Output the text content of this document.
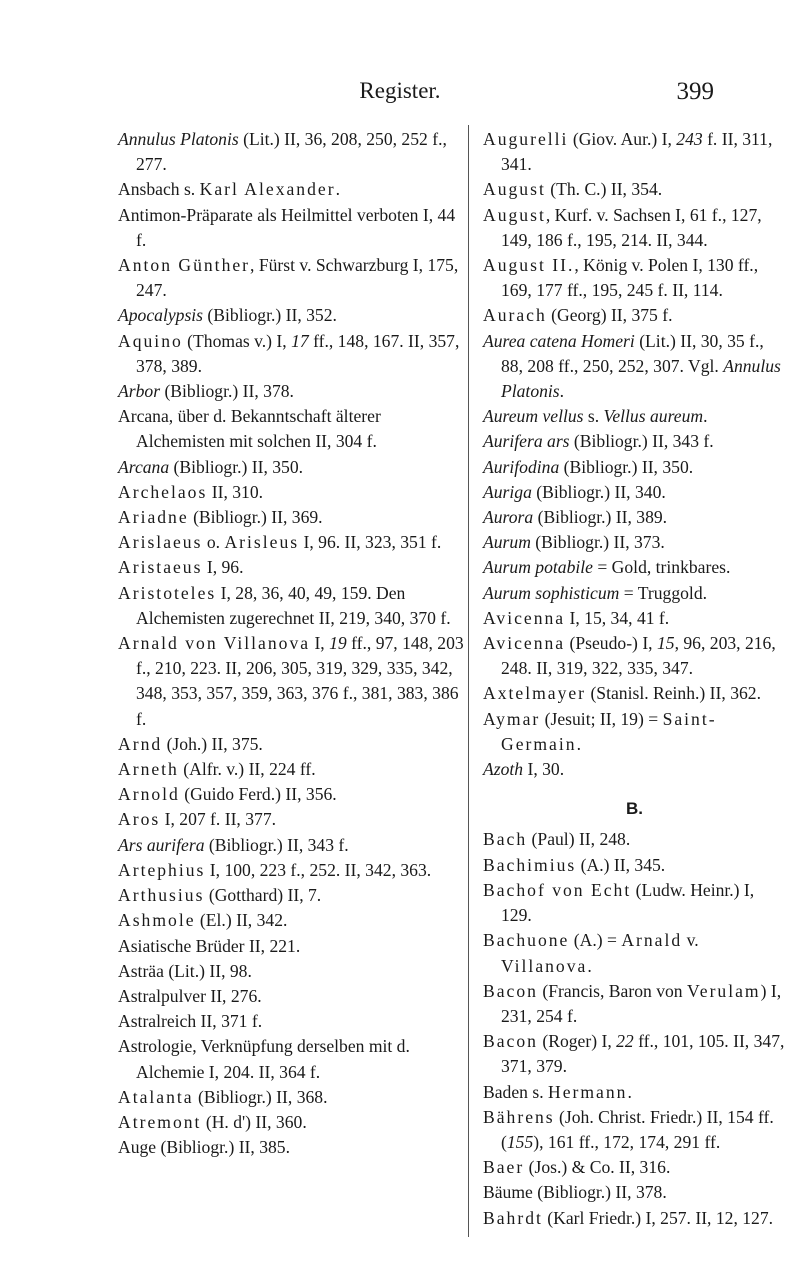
Register.	399
Annulus Platonis (Lit.) II, 36, 208, 250, 252 f., 277.
Ansbach s. Karl Alexander.
Antimon-Präparate als Heilmittel verboten I, 44 f.
Anton Günther, Fürst v. Schwarzburg I, 175, 247.
Apocalypsis (Bibliogr.) II, 352.
Aquino (Thomas v.) I, 17 ff., 148, 167. II, 357, 378, 389.
Arbor (Bibliogr.) II, 378.
Arcana, über d. Bekanntschaft älterer Alchemisten mit solchen II, 304 f.
Arcana (Bibliogr.) II, 350.
Archelaos II, 310.
Ariadne (Bibliogr.) II, 369.
Arislaeus o. Arisleus I, 96. II, 323, 351 f.
Aristaeus I, 96.
Aristoteles I, 28, 36, 40, 49, 159. Den Alchemisten zugerechnet II, 219, 340, 370 f.
Arnald von Villanova I, 19 ff., 97, 148, 203 f., 210, 223. II, 206, 305, 319, 329, 335, 342, 348, 353, 357, 359, 363, 376 f., 381, 383, 386 f.
Arnd (Joh.) II, 375.
Arneth (Alfr. v.) II, 224 ff.
Arnold (Guido Ferd.) II, 356.
Aros I, 207 f. II, 377.
Ars aurifera (Bibliogr.) II, 343 f.
Artephius I, 100, 223 f., 252. II, 342, 363.
Arthusius (Gotthard) II, 7.
Ashmole (El.) II, 342.
Asiatische Brüder II, 221.
Asträa (Lit.) II, 98.
Astralpulver II, 276.
Astralreich II, 371 f.
Astrologie, Verknüpfung derselben mit d. Alchemie I, 204. II, 364 f.
Atalanta (Bibliogr.) II, 368.
Atremont (H. d') II, 360.
Auge (Bibliogr.) II, 385.
Augurelli (Giov. Aur.) I, 243 f. II, 311, 341.
August (Th. C.) II, 354.
August, Kurf. v. Sachsen I, 61 f., 127, 149, 186 f., 195, 214. II, 344.
August II., König v. Polen I, 130 ff., 169, 177 ff., 195, 245 f. II, 114.
Aurach (Georg) II, 375 f.
Aurea catena Homeri (Lit.) II, 30, 35 f., 88, 208 ff., 250, 252, 307. Vgl. Annulus Platonis.
Aureum vellus s. Vellus aureum.
Aurifera ars (Bibliogr.) II, 343 f.
Aurifodina (Bibliogr.) II, 350.
Auriga (Bibliogr.) II, 340.
Aurora (Bibliogr.) II, 389.
Aurum (Bibliogr.) II, 373.
Aurum potabile = Gold, trinkbares.
Aurum sophisticum = Truggold.
Avicenna I, 15, 34, 41 f.
Avicenna (Pseudo-) I, 15, 96, 203, 216, 248. II, 319, 322, 335, 347.
Axtelmayer (Stanisl. Reinh.) II, 362.
Aymar (Jesuit; II, 19) = Saint-Germain.
Azoth I, 30.
B.
Bach (Paul) II, 248.
Bachimius (A.) II, 345.
Bachof von Echt (Ludw. Heinr.) I, 129.
Bachuone (A.) = Arnald v. Villanova.
Bacon (Francis, Baron von Verulam) I, 231, 254 f.
Bacon (Roger) I, 22 ff., 101, 105. II, 347, 371, 379.
Baden s. Hermann.
Bährens (Joh. Christ. Friedr.) II, 154 ff. (155), 161 ff., 172, 174, 291 ff.
Baer (Jos.) & Co. II, 316.
Bäume (Bibliogr.) II, 378.
Bahrdt (Karl Friedr.) I, 257. II, 12, 127.
